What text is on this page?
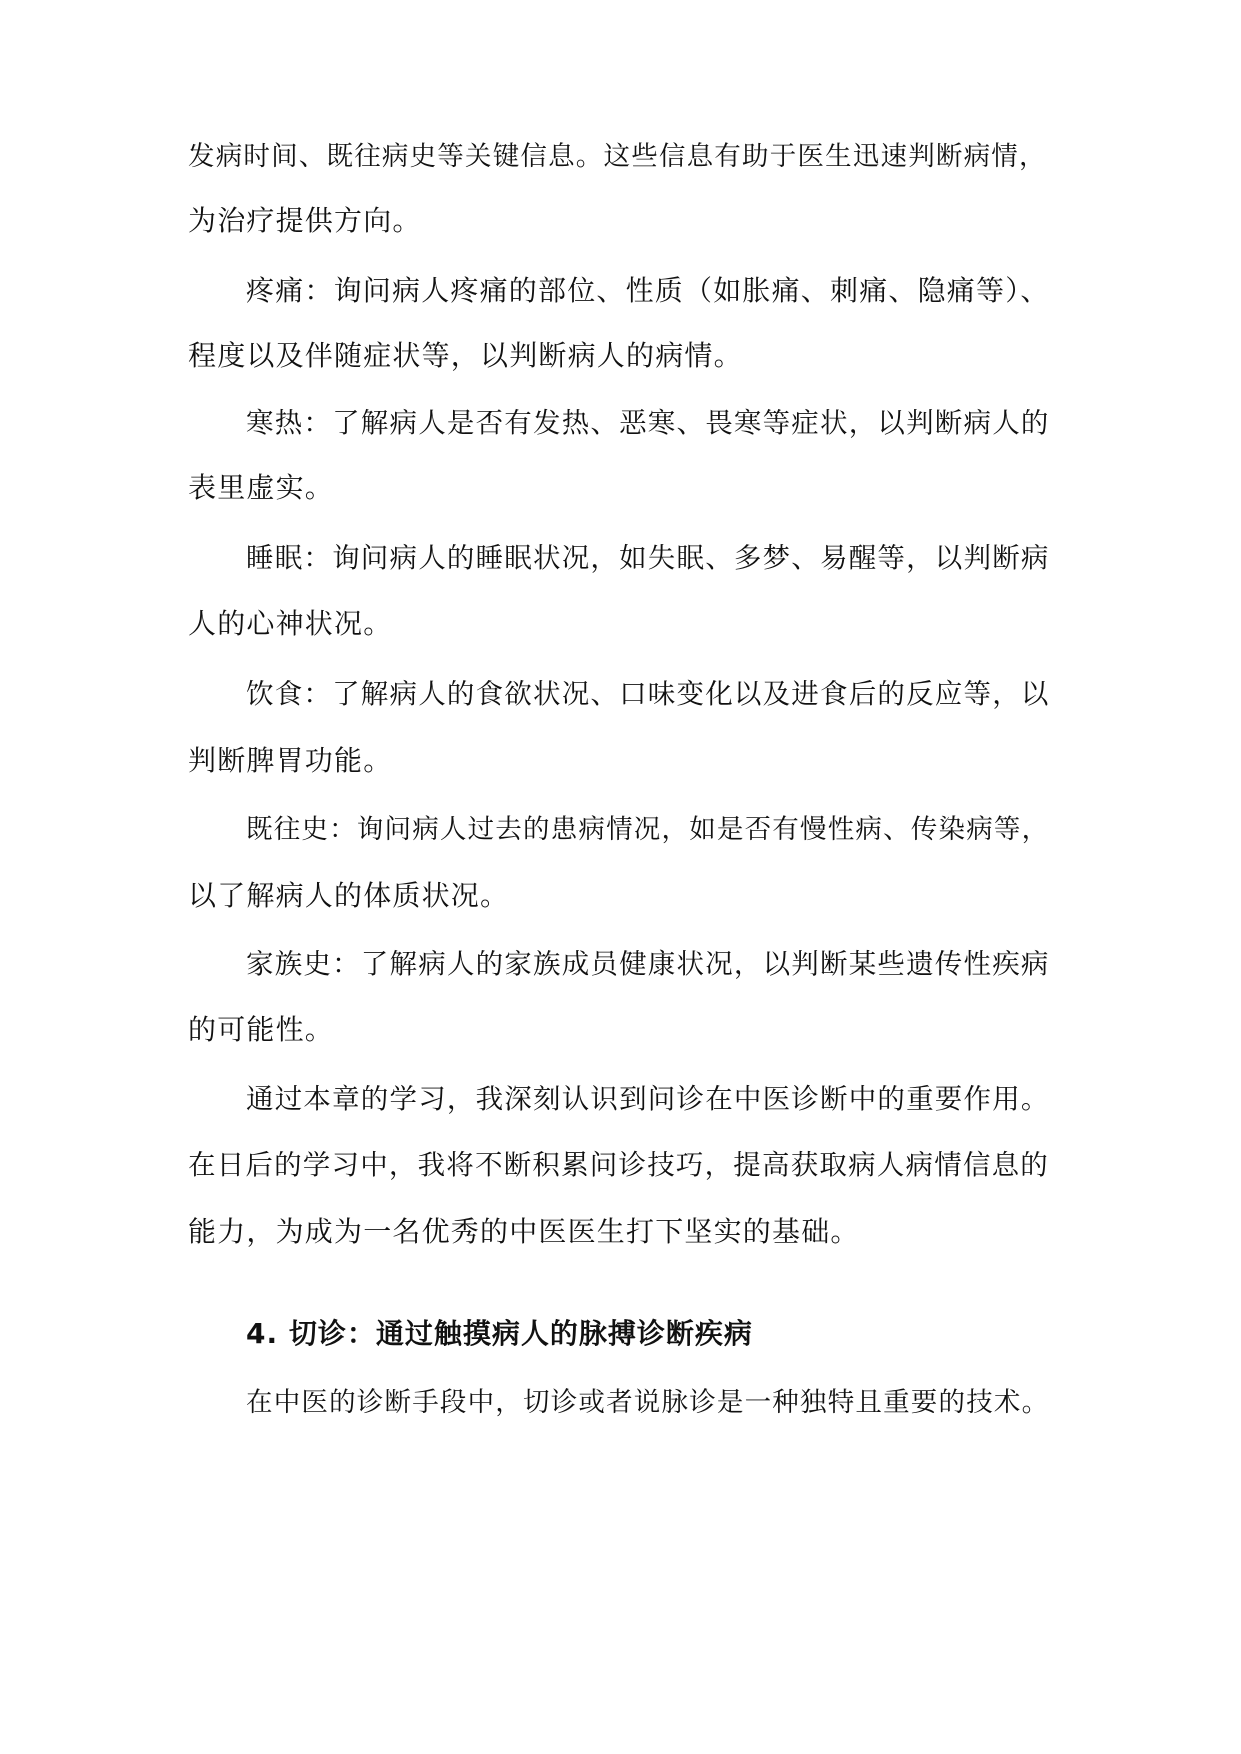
发病时间、既往病史等关键信息。这些信息有助于医生迅速判断病情，
为治疗提供方向。
疼痛：询问病人疼痛的部位、性质（如胀痛、刺痛、隐痛等）、
程度以及伴随症状等，以判断病人的病情。
寒热：了解病人是否有发热、恶寒、畏寒等症状，以判断病人的
表里虚实。
睡眠：询问病人的睡眠状况，如失眠、多梦、易醒等，以判断病
人的心神状况。
饮食：了解病人的食欲状况、口味变化以及进食后的反应等，以
判断脾胃功能。
既往史：询问病人过去的患病情况，如是否有慢性病、传染病等，
以了解病人的体质状况。
家族史：了解病人的家族成员健康状况，以判断某些遗传性疾病
的可能性。
通过本章的学习，我深刻认识到问诊在中医诊断中的重要作用。
在日后的学习中，我将不断积累问诊技巧，提高获取病人病情信息的
能力，为成为一名优秀的中医医生打下坚实的基础。
4. 切诊：通过触摸病人的脉搏诊断疾病
在中医的诊断手段中，切诊或者说脉诊是一种独特且重要的技术。
